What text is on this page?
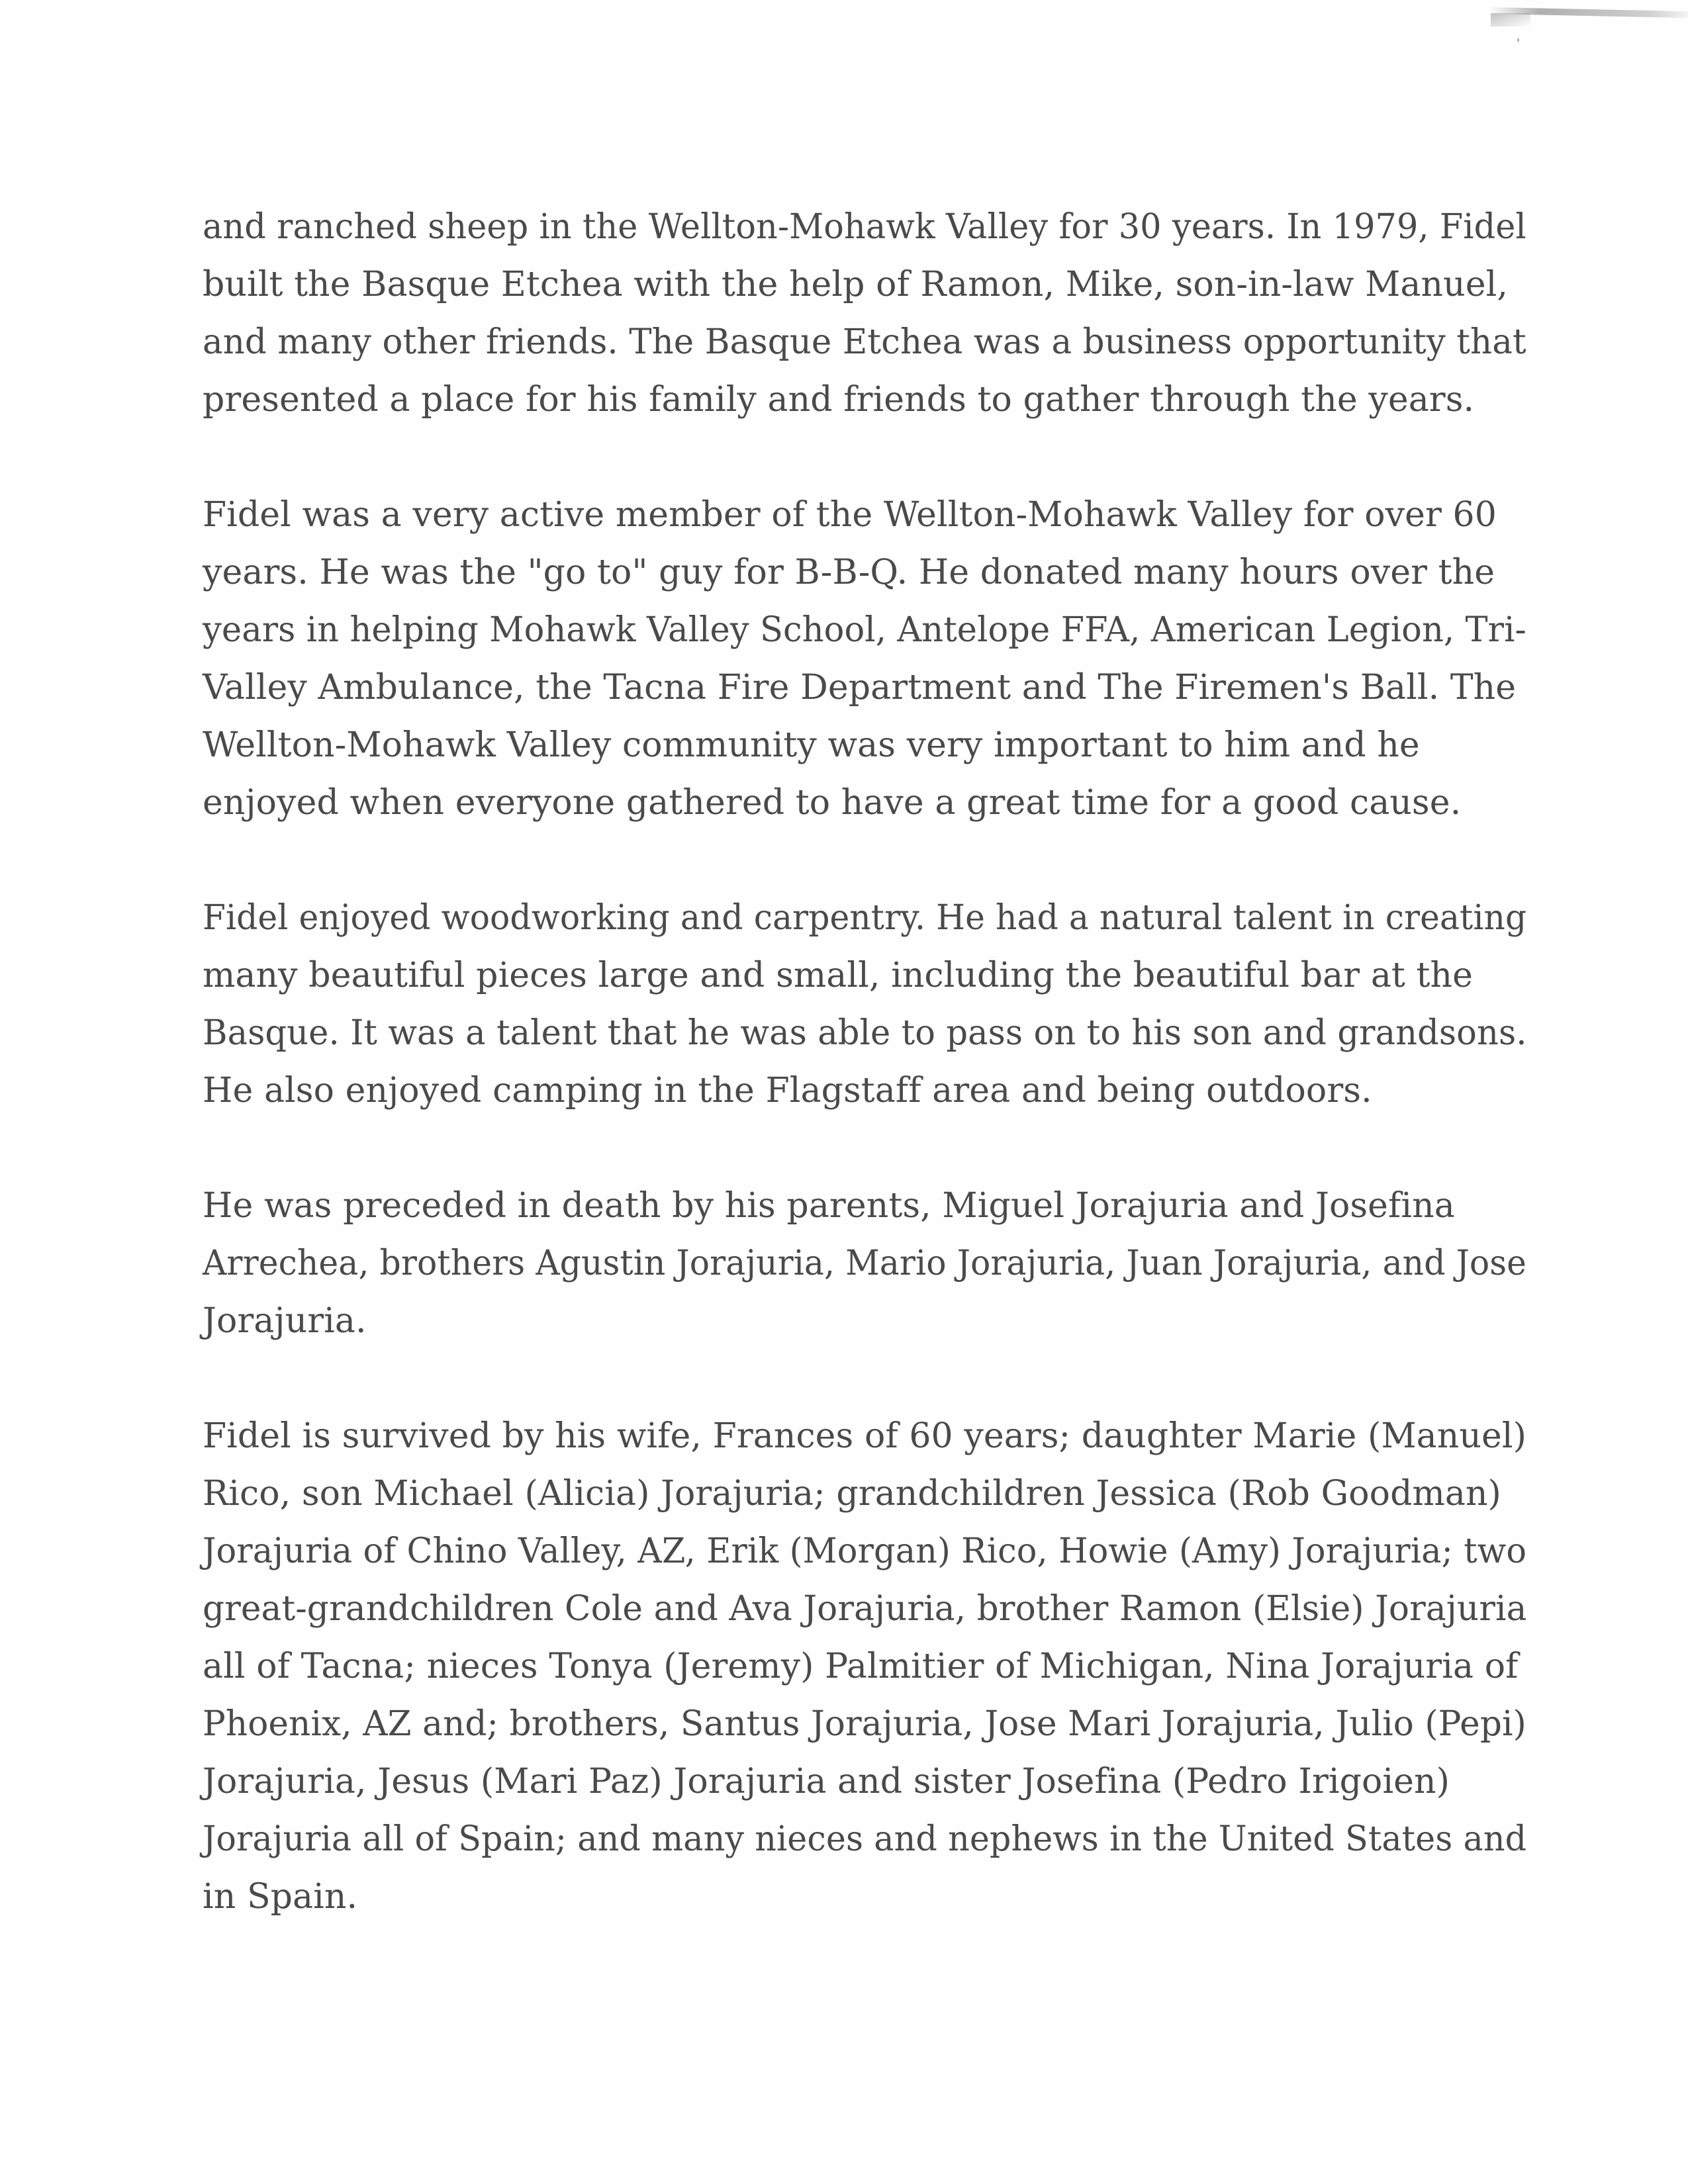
and ranched sheep in the Wellton-Mohawk Valley for 30 years. In 1979, Fidel
built the Basque Etchea with the help of Ramon, Mike, son-in-law Manuel,
and many other friends. The Basque Etchea was a business opportunity that
presented a place for his family and friends to gather through the years.

Fidel was a very active member of the Wellton-Mohawk Valley for over 60
years. He was the "go to" guy for B-B-Q. He donated many hours over the
years in helping Mohawk Valley School, Antelope FFA, American Legion, Tri-
Valley Ambulance, the Tacna Fire Department and The Firemen's Ball. The
Wellton-Mohawk Valley community was very important to him and he
enjoyed when everyone gathered to have a great time for a good cause.

Fidel enjoyed woodworking and carpentry. He had a natural talent in creating
many beautiful pieces large and small, including the beautiful bar at the
Basque. It was a talent that he was able to pass on to his son and grandsons.
He also enjoyed camping in the Flagstaff area and being outdoors.

He was preceded in death by his parents, Miguel Jorajuria and Josefina
Arrechea, brothers Agustin Jorajuria, Mario Jorajuria, Juan Jorajuria, and Jose
Jorajuria.

Fidel is survived by his wife, Frances of 60 years; daughter Marie (Manuel)
Rico, son Michael (Alicia) Jorajuria; grandchildren Jessica (Rob Goodman)
Jorajuria of Chino Valley, AZ, Erik (Morgan) Rico, Howie (Amy) Jorajuria; two
great-grandchildren Cole and Ava Jorajuria, brother Ramon (Elsie) Jorajuria
all of Tacna; nieces Tonya (Jeremy) Palmitier of Michigan, Nina Jorajuria of
Phoenix, AZ and; brothers, Santus Jorajuria, Jose Mari Jorajuria, Julio (Pepi)
Jorajuria, Jesus (Mari Paz) Jorajuria and sister Josefina (Pedro Irigoien)
Jorajuria all of Spain; and many nieces and nephews in the United States and
in Spain.
